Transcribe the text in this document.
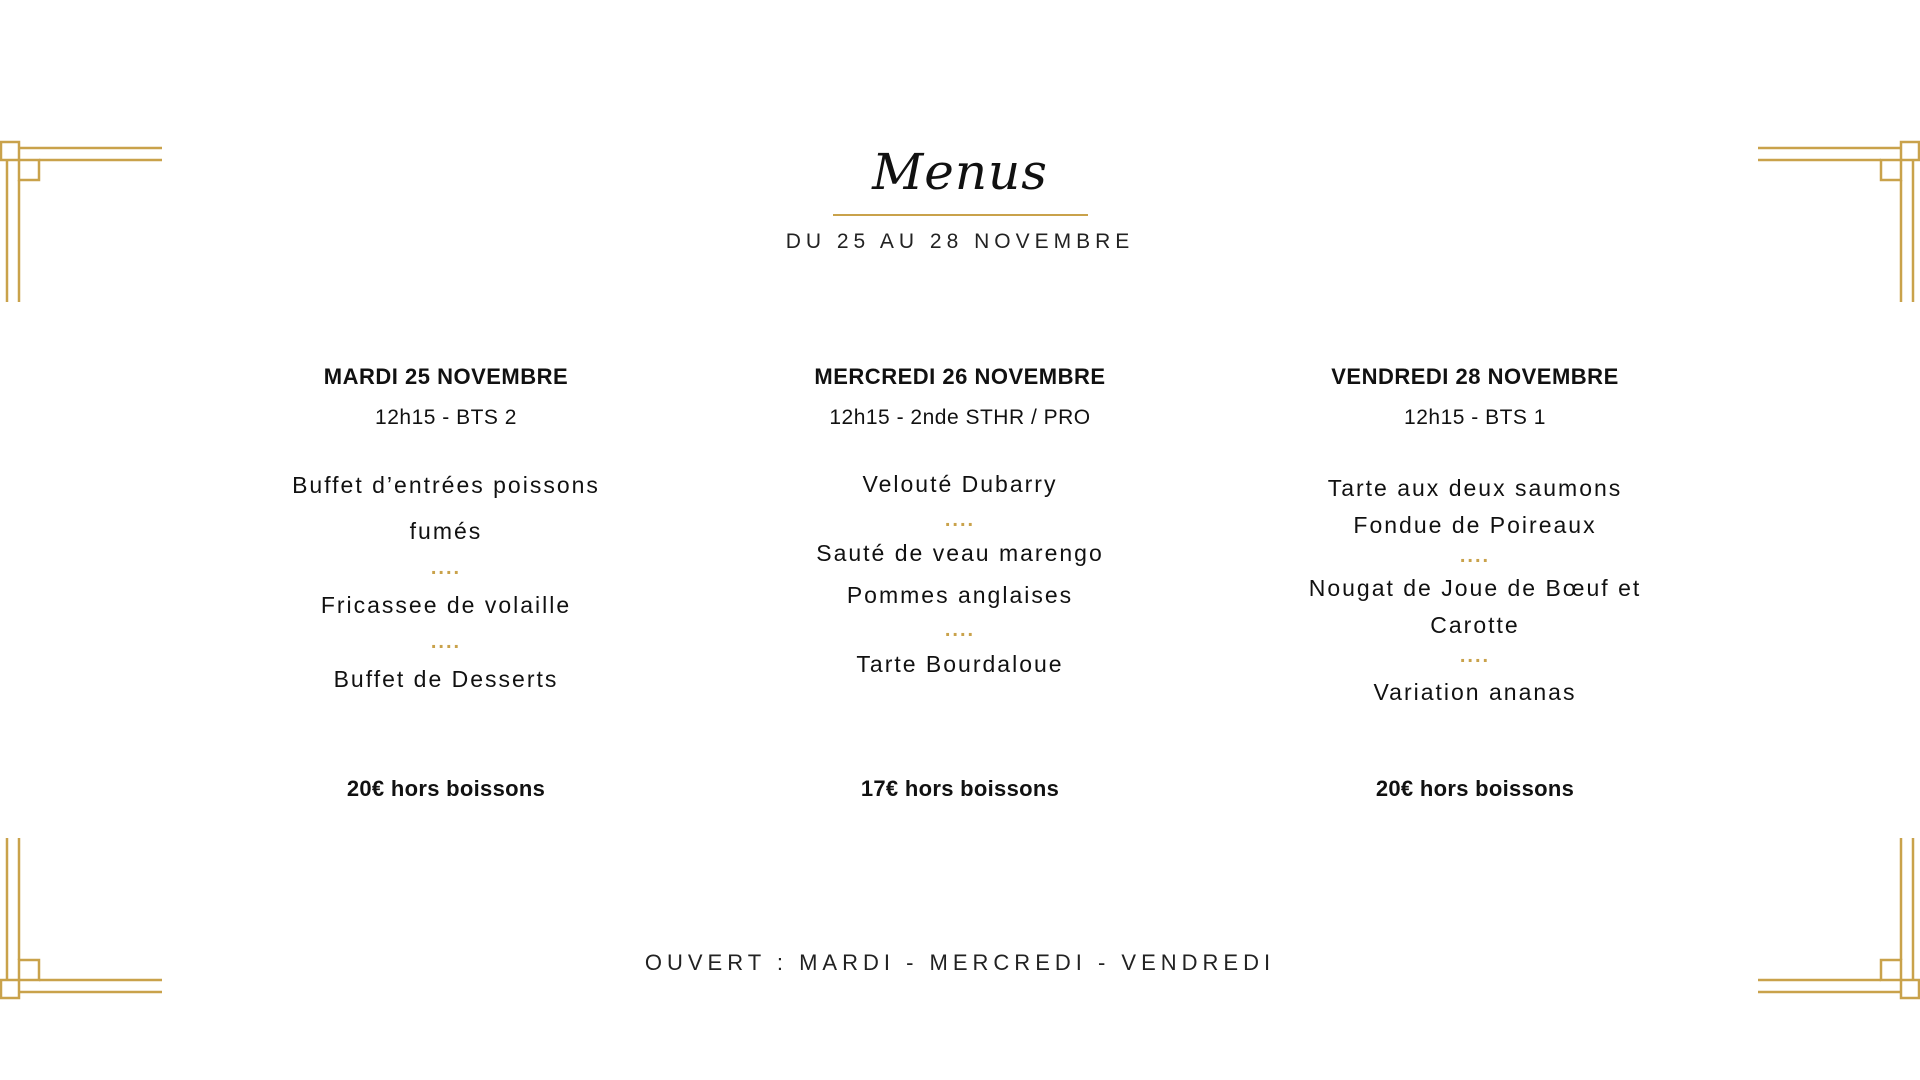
Menus
DU 25 AU 28 NOVEMBRE
MARDI 25 NOVEMBRE
12h15 - BTS 2
Buffet d’entrées poissons
fumés
....
Fricassee de volaille
....
Buffet de Desserts
20€ hors boissons
MERCREDI 26 NOVEMBRE
12h15 - 2nde STHR / PRO
Velouté Dubarry
....
Sauté de veau marengo
Pommes anglaises
....
Tarte Bourdaloue
17€ hors boissons
VENDREDI 28 NOVEMBRE
12h15 - BTS 1
Tarte aux deux saumons
Fondue de Poireaux
....
Nougat de Joue de Bœuf et
Carotte
....
Variation ananas
20€ hors boissons
OUVERT : MARDI - MERCREDI - VENDREDI
